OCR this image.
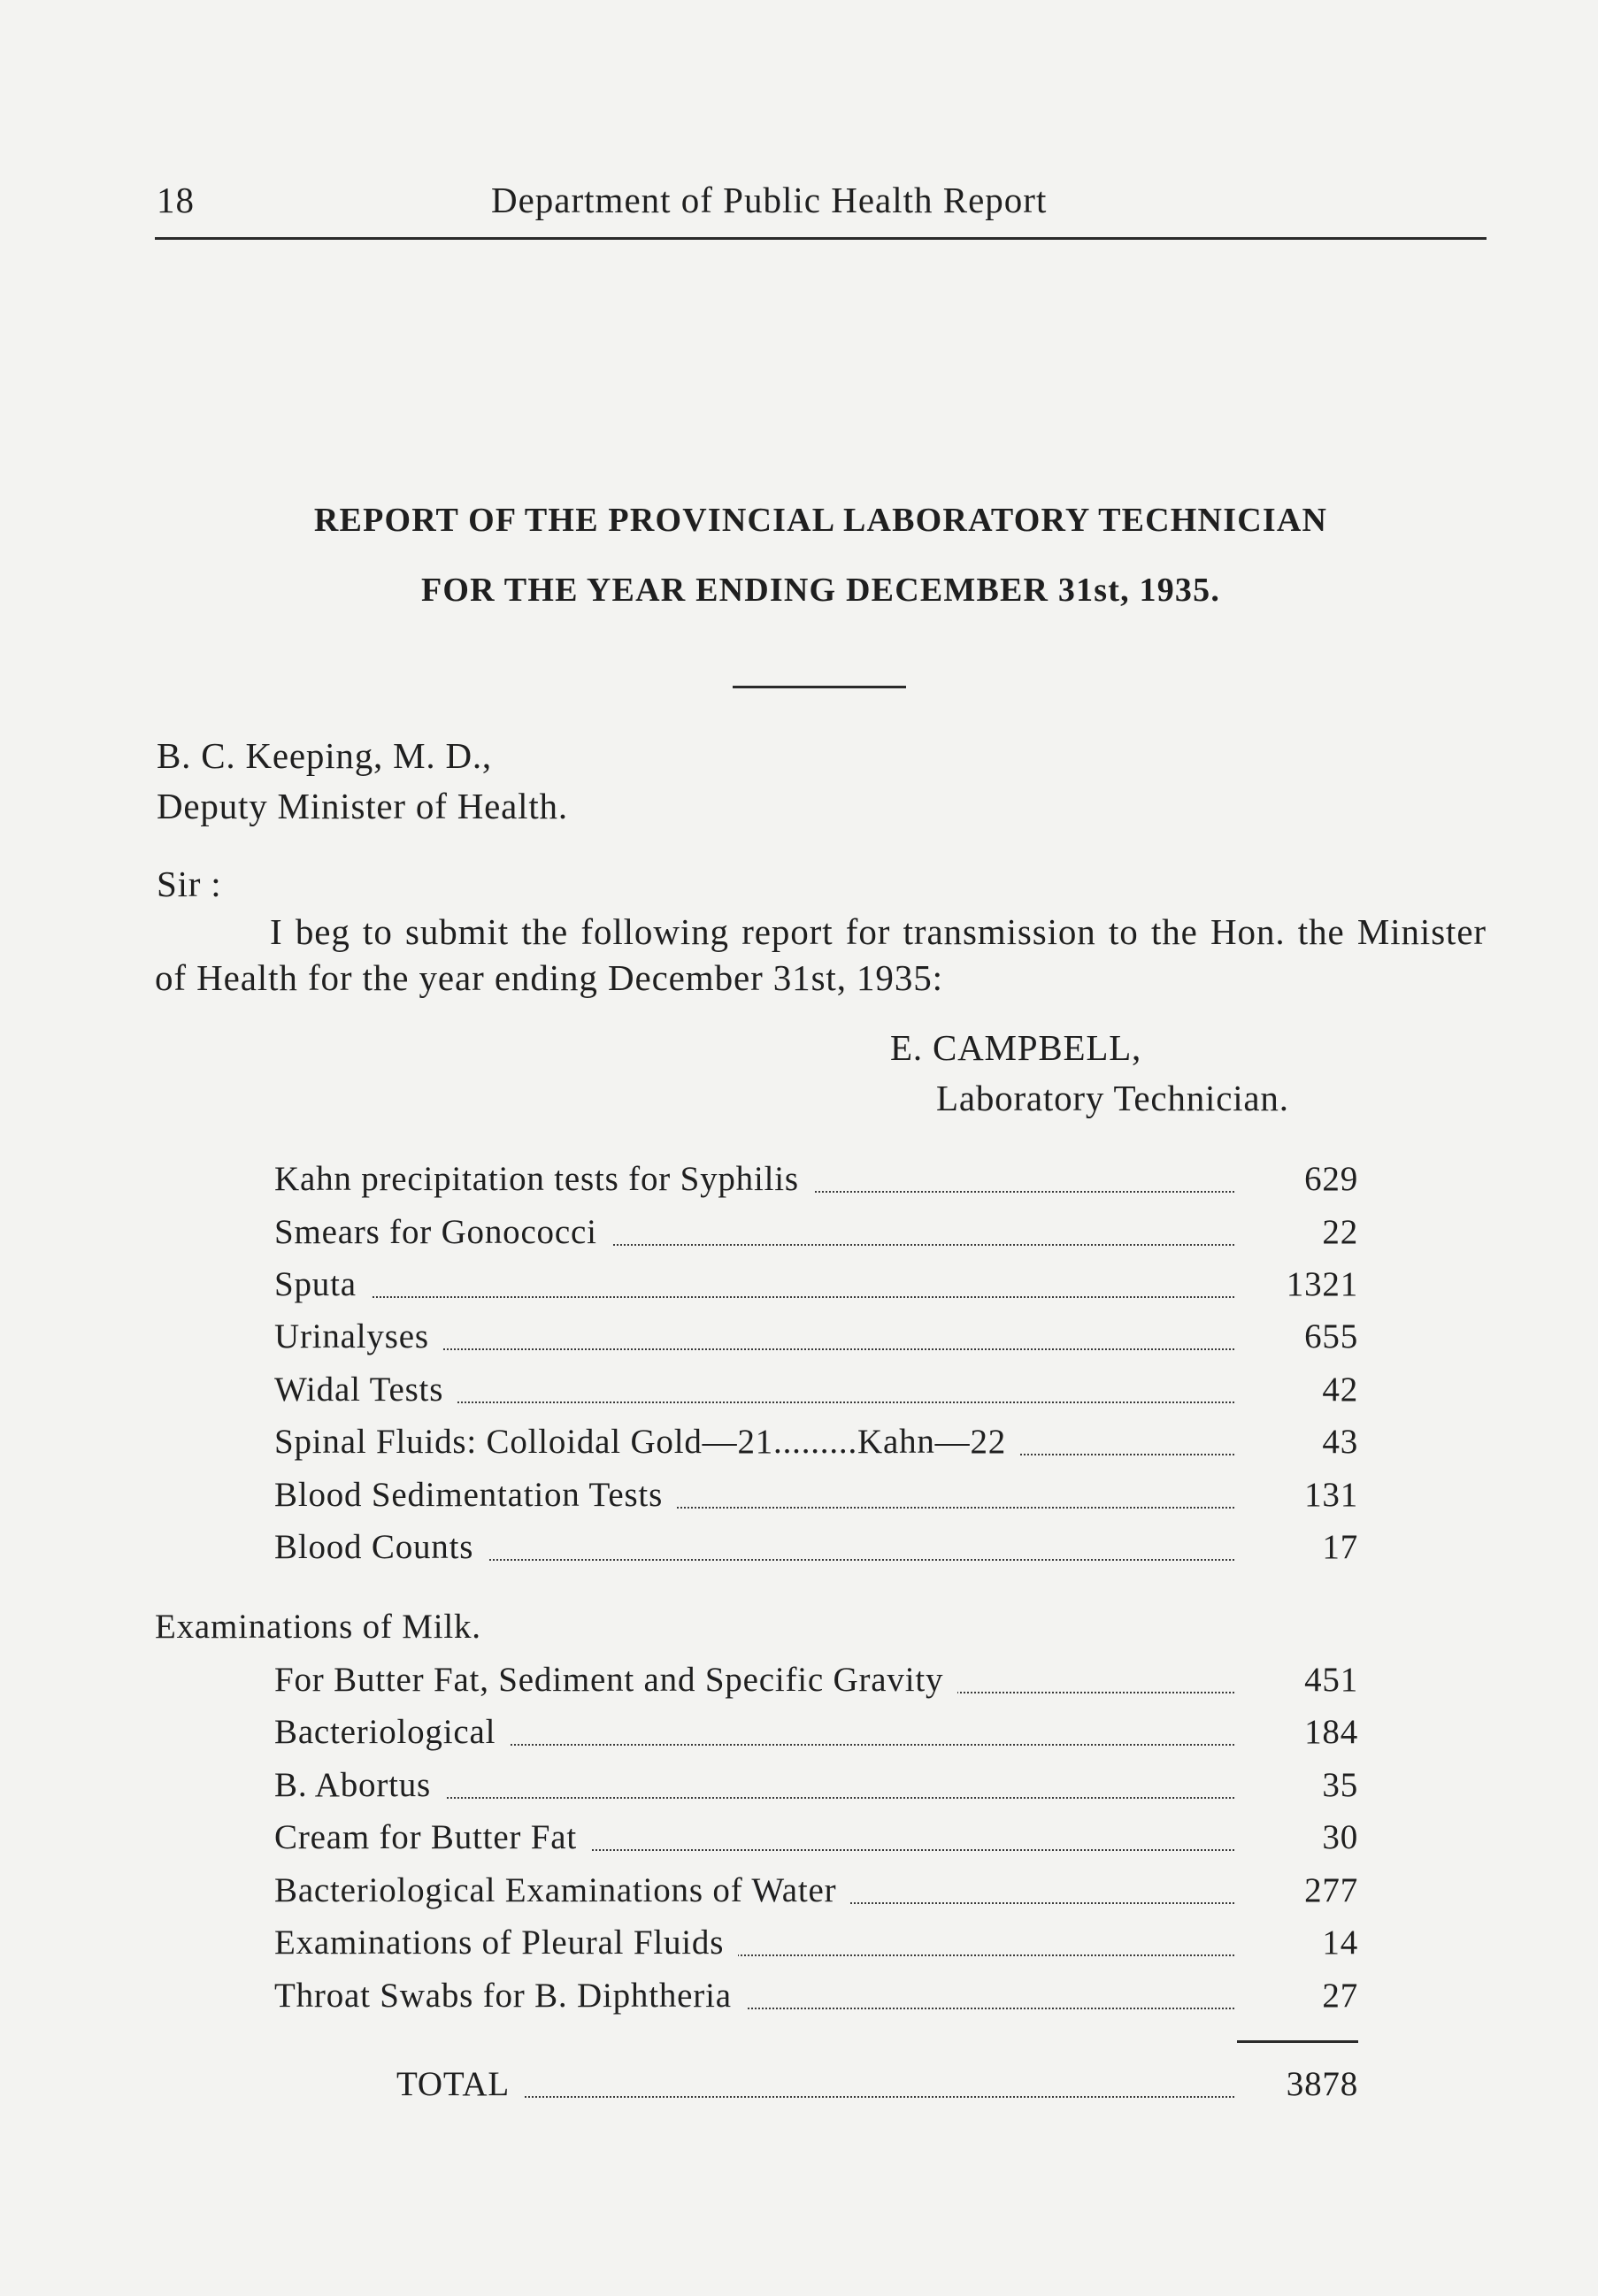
18	Department of Public Health Report
REPORT OF THE PROVINCIAL LABORATORY TECHNICIAN
FOR THE YEAR ENDING DECEMBER 31st, 1935.
B. C. Keeping, M. D.,
Deputy Minister of Health.
Sir :
I beg to submit the following report for transmission to the Hon. the Minister of Health for the year ending December 31st, 1935:
E. CAMPBELL,
Laboratory Technician.
Kahn precipitation tests for Syphilis	629
Smears for Gonococci	22
Sputa	1321
Urinalyses	655
Widal Tests	42
Spinal Fluids: Colloidal Gold—21.........Kahn—22	43
Blood Sedimentation Tests	131
Blood Counts	17
Examinations of Milk.
For Butter Fat, Sediment and Specific Gravity	451
Bacteriological	184
B. Abortus	35
Cream for Butter Fat	30
Bacteriological Examinations of Water	277
Examinations of Pleural Fluids	14
Throat Swabs for B. Diphtheria	27
TOTAL	3878
